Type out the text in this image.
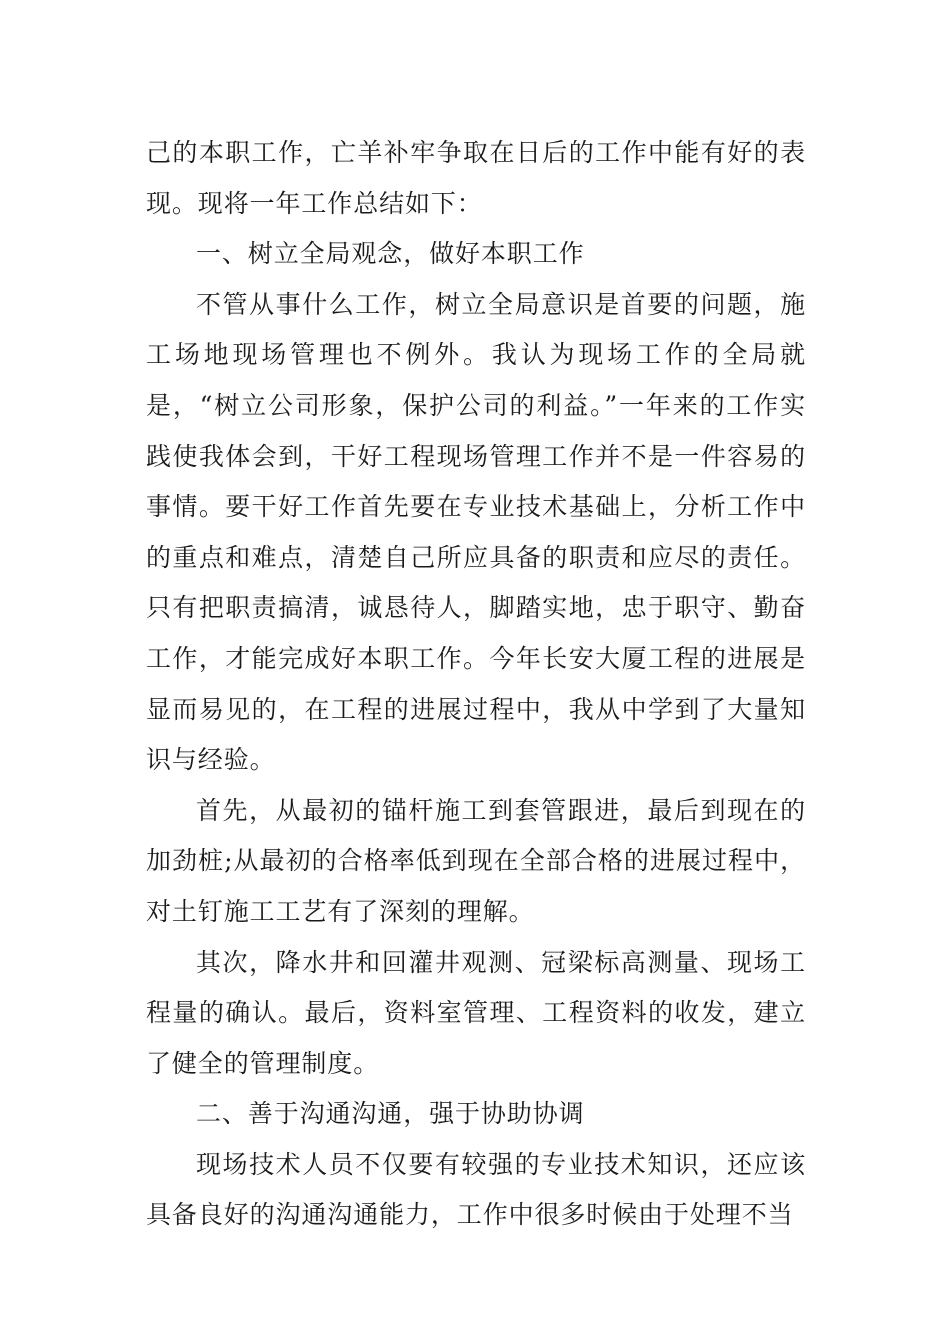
己的本职工作，亡羊补牢争取在日后的工作中能有好的表现。现将一年工作总结如下：

一、树立全局观念，做好本职工作

不管从事什么工作，树立全局意识是首要的问题，施工场地现场管理也不例外。我认为现场工作的全局就是，“树立公司形象，保护公司的利益。”一年来的工作实践使我体会到，干好工程现场管理工作并不是一件容易的事情。要干好工作首先要在专业技术基础上，分析工作中的重点和难点，清楚自己所应具备的职责和应尽的责任。只有把职责搞清，诚恳待人，脚踏实地，忠于职守、勤奋工作，才能完成好本职工作。今年长安大厦工程的进展是显而易见的，在工程的进展过程中，我从中学到了大量知识与经验。

首先，从最初的锚杆施工到套管跟进，最后到现在的加劲桩;从最初的合格率低到现在全部合格的进展过程中，对土钉施工工艺有了深刻的理解。

其次，降水井和回灌井观测、冠梁标高测量、现场工程量的确认。最后，资料室管理、工程资料的收发，建立了健全的管理制度。

二、善于沟通沟通，强于协助协调

现场技术人员不仅要有较强的专业技术知识，还应该具备良好的沟通沟通能力，工作中很多时候由于处理不当
